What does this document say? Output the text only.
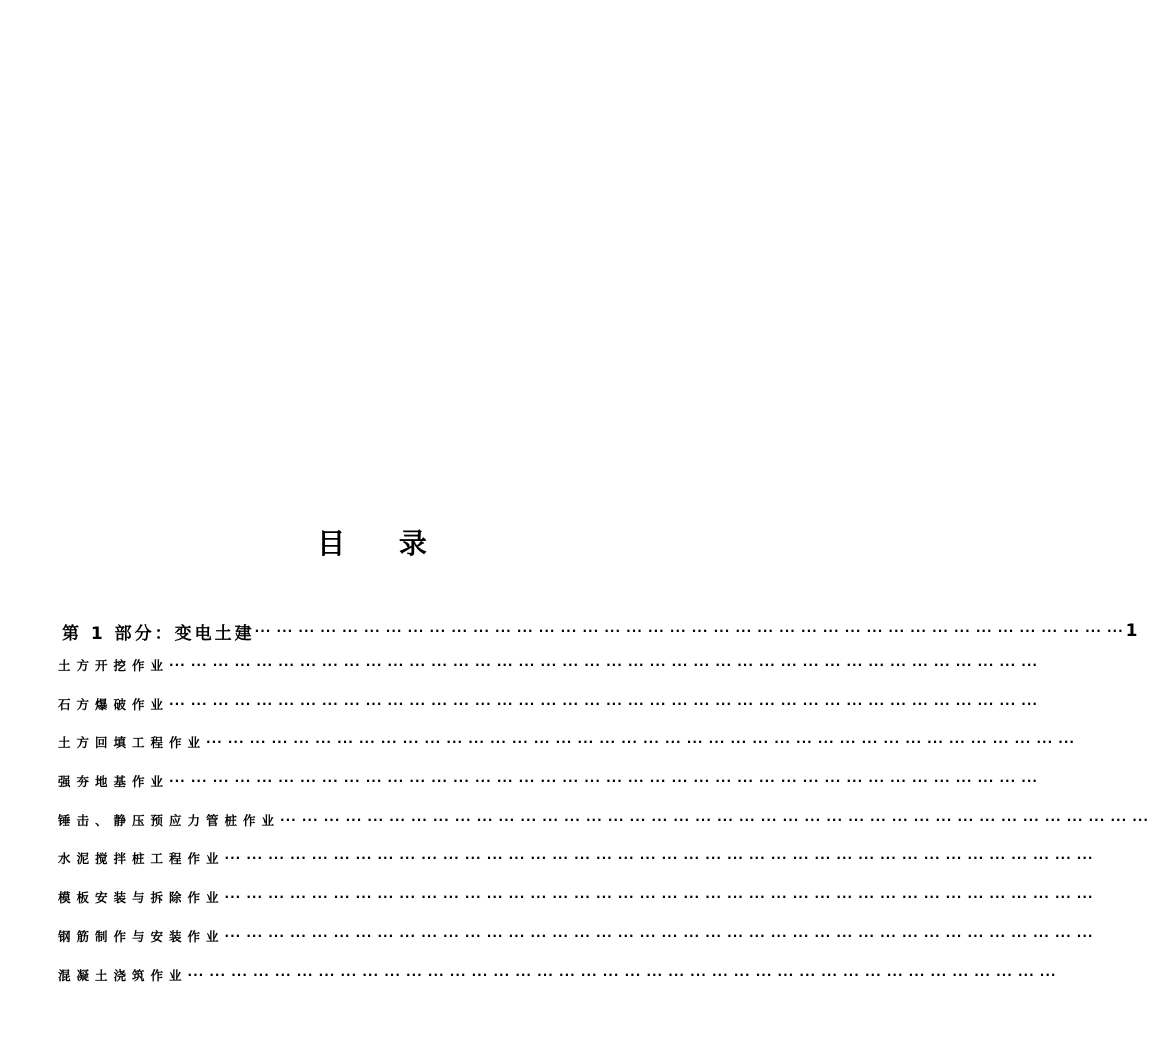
目 录
第 1 部分：变电土建 ··· ··· ··· ··· ··· ··· ··· ··· ··· ··· ··· ··· ··· ··· ··· ··· ··· ··· ··· ··· ··· ··· ··· ··· ··· ··· ··· ··· ··· ··· ··· ··· ··· ··· ··· ··· ··· ··· ··· ··· 1
土方开挖作业 ··· ··· ··· ··· ··· ··· ··· ··· ··· ··· ··· ··· ··· ··· ··· ··· ··· ··· ··· ··· ··· ··· ··· ··· ··· ··· ··· ··· ··· ··· ··· ··· ··· ··· ··· ··· ··· ··· ··· ···
石方爆破作业 ··· ··· ··· ··· ··· ··· ··· ··· ··· ··· ··· ··· ··· ··· ··· ··· ··· ··· ··· ··· ··· ··· ··· ··· ··· ··· ··· ··· ··· ··· ··· ··· ··· ··· ··· ··· ··· ··· ··· ···
土方回填工程作业 ··· ··· ··· ··· ··· ··· ··· ··· ··· ··· ··· ··· ··· ··· ··· ··· ··· ··· ··· ··· ··· ··· ··· ··· ··· ··· ··· ··· ··· ··· ··· ··· ··· ··· ··· ··· ··· ··· ··· ···
强夯地基作业 ··· ··· ··· ··· ··· ··· ··· ··· ··· ··· ··· ··· ··· ··· ··· ··· ··· ··· ··· ··· ··· ··· ··· ··· ··· ··· ··· ··· ··· ··· ··· ··· ··· ··· ··· ··· ··· ··· ··· ···
锤击、静压预应力管桩作业 ··· ··· ··· ··· ··· ··· ··· ··· ··· ··· ··· ··· ··· ··· ··· ··· ··· ··· ··· ··· ··· ··· ··· ··· ··· ··· ··· ··· ··· ··· ··· ··· ··· ··· ··· ··· ··· ··· ··· ···
水泥搅拌桩工程作业 ··· ··· ··· ··· ··· ··· ··· ··· ··· ··· ··· ··· ··· ··· ··· ··· ··· ··· ··· ··· ··· ··· ··· ··· ··· ··· ··· ··· ··· ··· ··· ··· ··· ··· ··· ··· ··· ··· ··· ···
模板安装与拆除作业 ··· ··· ··· ··· ··· ··· ··· ··· ··· ··· ··· ··· ··· ··· ··· ··· ··· ··· ··· ··· ··· ··· ··· ··· ··· ··· ··· ··· ··· ··· ··· ··· ··· ··· ··· ··· ··· ··· ··· ···
钢筋制作与安装作业 ··· ··· ··· ··· ··· ··· ··· ··· ··· ··· ··· ··· ··· ··· ··· ··· ··· ··· ··· ··· ··· ··· ··· ··· ··· ··· ··· ··· ··· ··· ··· ··· ··· ··· ··· ··· ··· ··· ··· ···
混凝土浇筑作业 ··· ··· ··· ··· ··· ··· ··· ··· ··· ··· ··· ··· ··· ··· ··· ··· ··· ··· ··· ··· ··· ··· ··· ··· ··· ··· ··· ··· ··· ··· ··· ··· ··· ··· ··· ··· ··· ··· ··· ···
